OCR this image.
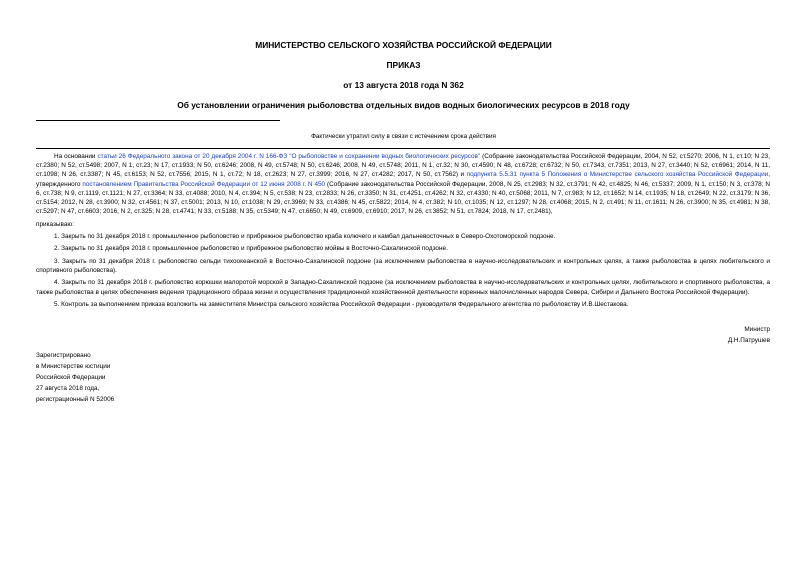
МИНИСТЕРСТВО СЕЛЬСКОГО ХОЗЯЙСТВА РОССИЙСКОЙ ФЕДЕРАЦИИ
ПРИКАЗ
от 13 августа 2018 года N 362
Об установлении ограничения рыболовства отдельных видов водных биологических ресурсов в 2018 году
Фактически утратил силу в связи с истечением срока действия

На основании статьи 26 Федерального закона от 20 декабря 2004 г. N 166-ФЗ "О рыболовстве и сохранении водных биологических ресурсов" (Собрание законодательства Российской Федерации, 2004, N 52, ст.5270; 2006, N 1, ст.10; N 23, ст.2380; N 52, ст.5498; 2007, N 1, ст.23; N 17, ст.1933; N 50, ст.6246; 2008, N 49, ст.5748; N 50, ст.6246; 2008, N 49, ст.5748; 2011, N 1, ст.32; N 30, ст.4590; N 48, ст.6728; ст.6732; N 50, ст.7343, ст.7351; 2013, N 27, ст.3440; N 52, ст.6961; 2014, N 11, ст.1098; N 26, ст.3387; N 45, ст.6153; N 52, ст.7556; 2015, N 1, ст.72; N 18, ст.2623; N 27, ст.3999; 2016, N 27, ст.4282; 2017, N 50, ст.7562) и подпункта 5.5.31 пункта 5 Положения о Министерстве сельского хозяйства Российской Федерации, утвержденного постановлением Правительства Российской Федерации от 12 июня 2008 г. N 450 (Собрание законодательства Российской Федерации, 2008, N 25, ст.2983; N 32, ст.3791; N 42, ст.4825; N 46, ст.5337; 2009, N 1, ст.150; N 3, ст.378; N 6, ст.738; N 9, ст.1119, ст.1121; N 27, ст.3364; N 33, ст.4088; 2010, N 4, ст.394; N 5, ст.538; N 23, ст.2833; N 26, ст.3350; N 31, ст.4251, ст.4262; N 32, ст.4330; N 40, ст.5068; 2011, N 7, ст.983; N 12, ст.1652; N 14, ст.1935; N 18, ст.2649; N 22, ст.3179; N 36, ст.5154; 2012, N 28, ст.3900; N 32, ст.4561; N 37, ст.5001; 2013, N 10, ст.1038; N 29, ст.3969; N 33, ст.4386; N 45, ст.5822; 2014, N 4, ст.382; N 10, ст.1035; N 12, ст.1297; N 28, ст.4068; 2015, N 2, ст.491; N 11, ст.1611; N 26, ст.3900; N 35, ст.4981; N 38, ст.5297; N 47, ст.6603; 2016, N 2, ст.325; N 28, ст.4741; N 33, ст.5188; N 35, ст.5349; N 47, ст.6650; N 49, ст.6909, ст.6910; 2017, N 26, ст.3852; N 51, ст.7824; 2018, N 17, ст.2481),

приказываю:

1. Закрыть по 31 декабря 2018 г. промышленное рыболовство и прибрежное рыболовство краба колючего и камбал дальневосточных в Северо-Охотоморской подзоне.

2. Закрыть по 31 декабря 2018 г. промышленное рыболовство и прибрежное рыболовство мойвы в Восточно-Сахалинской подзоне.

3. Закрыть по 31 декабря 2018 г. рыболовство сельди тихоокеанской в Восточно-Сахалинской подзоне (за исключением рыболовства в научно-исследовательских и контрольных целях, а также рыболовства в целях любительского и спортивного рыболовства).

4. Закрыть по 31 декабря 2018 г. рыболовство корюшки малоротой морской в Западно-Сахалинской подзоне (за исключением рыболовства в научно-исследовательских и контрольных целях, любительского и спортивного рыболовства, а также рыболовства в целях обеспечения ведения традиционного образа жизни и осуществления традиционной хозяйственной деятельности коренных малочисленных народов Севера, Сибири и Дальнего Востока Российской Федерации).

5. Контроль за выполнением приказа возложить на заместителя Министра сельского хозяйства Российской Федерации - руководителя Федерального агентства по рыболовству И.В.Шестакова.

Министр
Д.Н.Патрушев
Зарегистрировано
в Министерстве юстиции
Российской Федерации
27 августа 2018 года,
регистрационный N 52006
